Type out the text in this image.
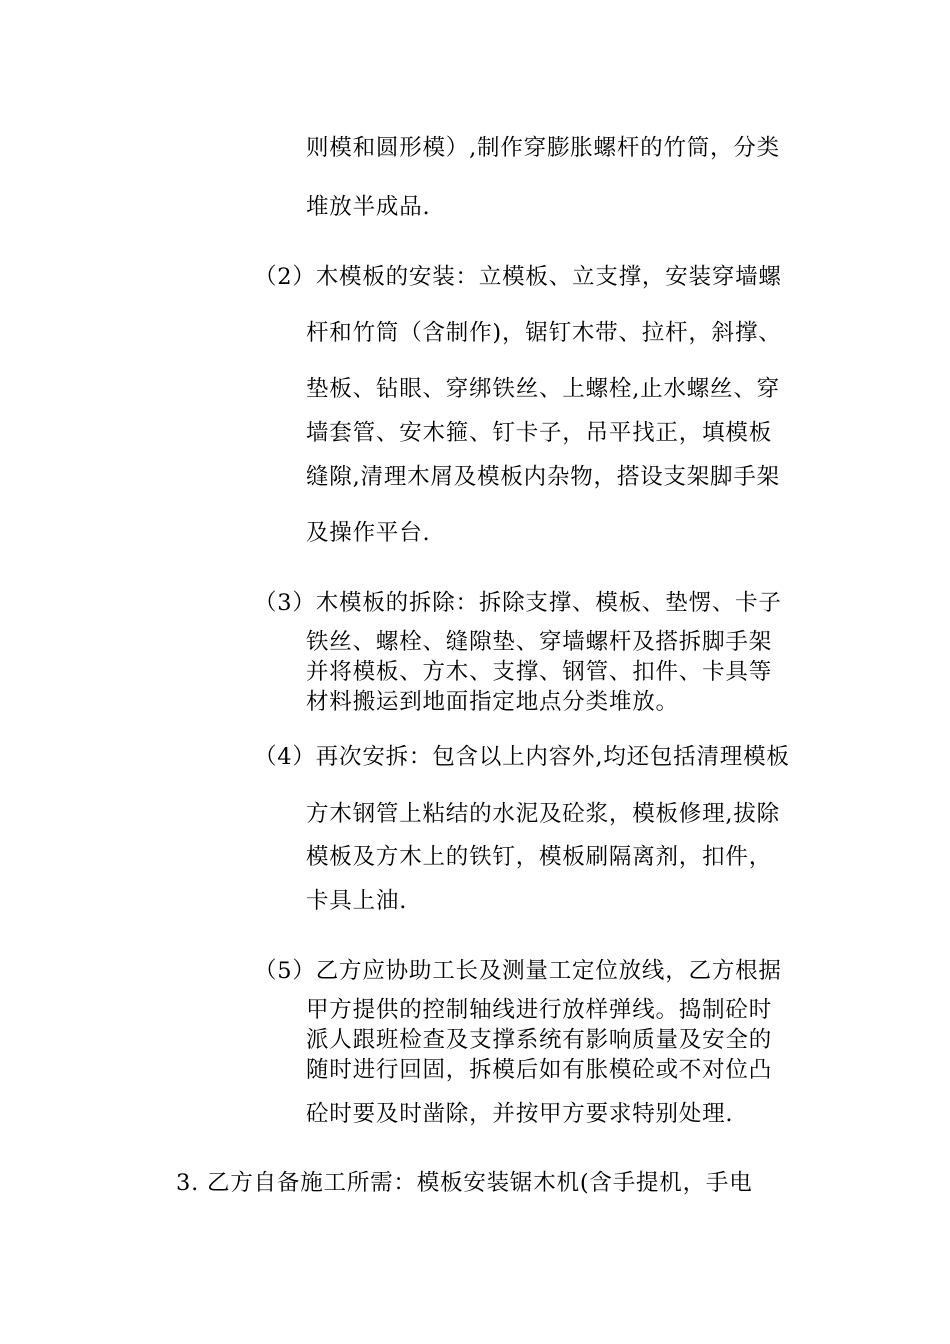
则模和圆形模）,制作穿膨胀螺杆的竹筒，分类
堆放半成品.
（2）木模板的安装：立模板、立支撑，安装穿墙螺
杆和竹筒（含制作)，锯钉木带、拉杆，斜撑、
垫板、钻眼、穿绑铁丝、上螺栓,止水螺丝、穿
墙套管、安木箍、钉卡子，吊平找正，填模板
缝隙,清理木屑及模板内杂物，搭设支架脚手架
及操作平台.
（3）木模板的拆除：拆除支撑、模板、垫愣、卡子
铁丝、螺栓、缝隙垫、穿墙螺杆及搭拆脚手架
并将模板、方木、支撑、钢管、扣件、卡具等
材料搬运到地面指定地点分类堆放。
（4）再次安拆：包含以上内容外,均还包括清理模板
方木钢管上粘结的水泥及砼浆，模板修理,拔除
模板及方木上的铁钉，模板刷隔离剂，扣件，
卡具上油.
（5）乙方应协助工长及测量工定位放线，乙方根据
甲方提供的控制轴线进行放样弹线。捣制砼时
派人跟班检查及支撑系统有影响质量及安全的
随时进行回固，拆模后如有胀模砼或不对位凸
砼时要及时凿除，并按甲方要求特别处理.
3. 乙方自备施工所需：模板安装锯木机(含手提机，手电
